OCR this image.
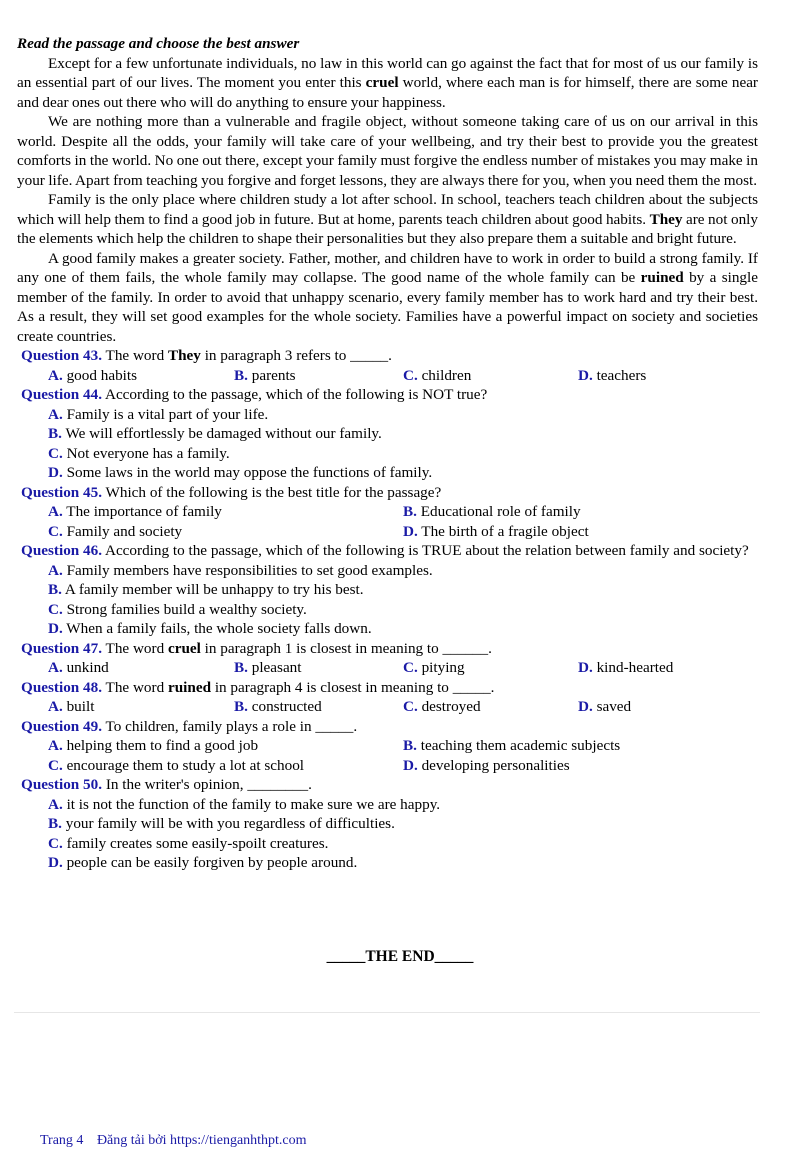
Read the passage and choose the best answer

Except for a few unfortunate individuals, no law in this world can go against the fact that for most of us our family is an essential part of our lives. The moment you enter this cruel world, where each man is for himself, there are some near and dear ones out there who will do anything to ensure your happiness.

We are nothing more than a vulnerable and fragile object, without someone taking care of us on our arrival in this world. Despite all the odds, your family will take care of your wellbeing, and try their best to provide you the greatest comforts in the world. No one out there, except your family must forgive the endless number of mistakes you may make in your life. Apart from teaching you forgive and forget lessons, they are always there for you, when you need them the most.

Family is the only place where children study a lot after school. In school, teachers teach children about the subjects which will help them to find a good job in future. But at home, parents teach children about good habits. They are not only the elements which help the children to shape their personalities but they also prepare them a suitable and bright future.

A good family makes a greater society. Father, mother, and children have to work in order to build a strong family. If any one of them fails, the whole family may collapse. The good name of the whole family can be ruined by a single member of the family. In order to avoid that unhappy scenario, every family member has to work hard and try their best. As a result, they will set good examples for the whole society. Families have a powerful impact on society and societies create countries.

Question 43. The word They in paragraph 3 refers to _____.

A. good habits	B. parents	C. children	D. teachers

Question 44. According to the passage, which of the following is NOT true?

A. Family is a vital part of your life.
B. We will effortlessly be damaged without our family.
C. Not everyone has a family.
D. Some laws in the world may oppose the functions of family.

Question 45. Which of the following is the best title for the passage?

A. The importance of family	B. Educational role of family
C. Family and society	D. The birth of a fragile object

Question 46. According to the passage, which of the following is TRUE about the relation between family and society?

A. Family members have responsibilities to set good examples.
B. A family member will be unhappy to try his best.
C. Strong families build a wealthy society.
D. When a family fails, the whole society falls down.

Question 47. The word cruel in paragraph 1 is closest in meaning to ______.

A. unkind	B. pleasant	C. pitying	D. kind-hearted

Question 48. The word ruined in paragraph 4 is closest in meaning to _____.

A. built	B. constructed	C. destroyed	D. saved

Question 49. To children, family plays a role in _____.

A. helping them to find a good job	B. teaching them academic subjects
C. encourage them to study a lot at school	D. developing personalities

Question 50. In the writer's opinion, ________.

A. it is not the function of the family to make sure we are happy.
B. your family will be with you regardless of difficulties.
C. family creates some easily-spoilt creatures.
D. people can be easily forgiven by people around.
_____THE END_____
Trang 4 Đăng tải bởi https://tienganhthpt.com
